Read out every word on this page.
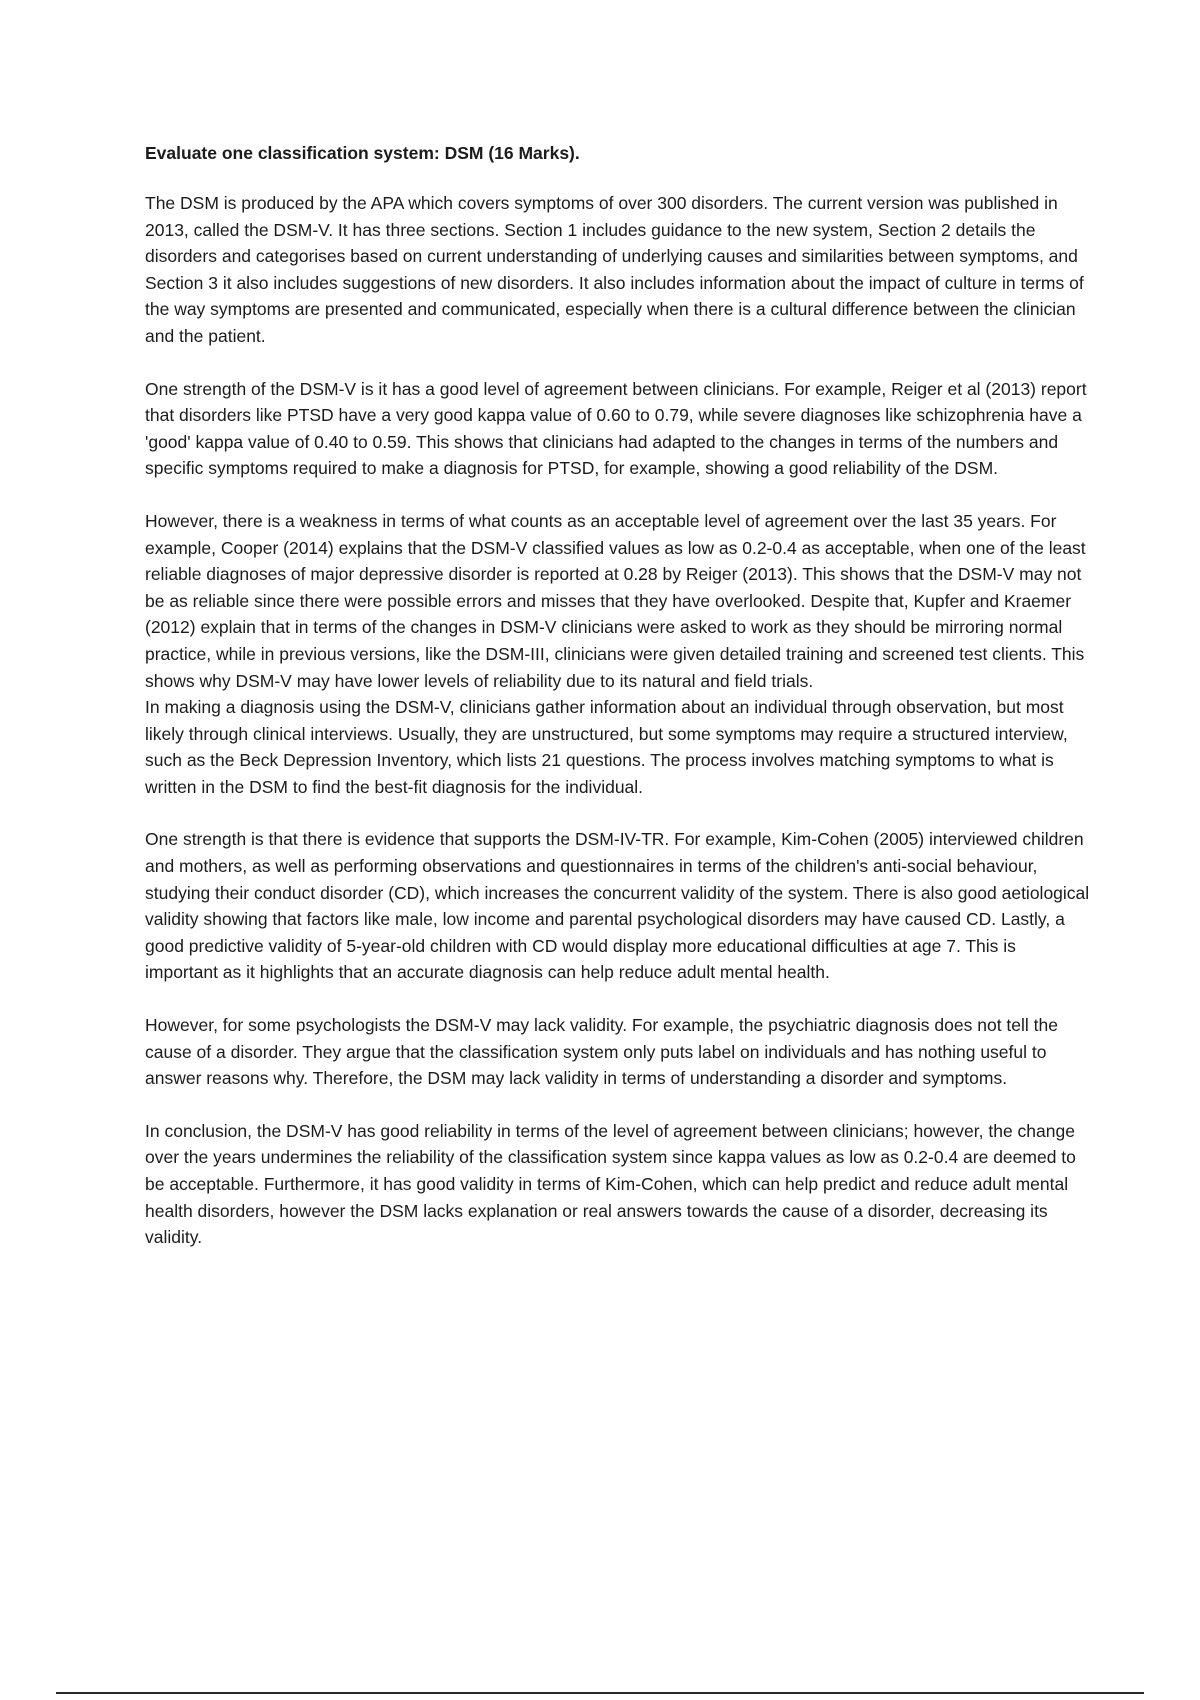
Evaluate one classification system: DSM (16 Marks).

The DSM is produced by the APA which covers symptoms of over 300 disorders. The current version was published in 2013, called the DSM-V. It has three sections. Section 1 includes guidance to the new system, Section 2 details the disorders and categorises based on current understanding of underlying causes and similarities between symptoms, and Section 3 it also includes suggestions of new disorders. It also includes information about the impact of culture in terms of the way symptoms are presented and communicated, especially when there is a cultural difference between the clinician and the patient.

One strength of the DSM-V is it has a good level of agreement between clinicians. For example, Reiger et al (2013) report that disorders like PTSD have a very good kappa value of 0.60 to 0.79, while severe diagnoses like schizophrenia have a 'good' kappa value of 0.40 to 0.59. This shows that clinicians had adapted to the changes in terms of the numbers and specific symptoms required to make a diagnosis for PTSD, for example, showing a good reliability of the DSM.

However, there is a weakness in terms of what counts as an acceptable level of agreement over the last 35 years. For example, Cooper (2014) explains that the DSM-V classified values as low as 0.2-0.4 as acceptable, when one of the least reliable diagnoses of major depressive disorder is reported at 0.28 by Reiger (2013). This shows that the DSM-V may not be as reliable since there were possible errors and misses that they have overlooked. Despite that, Kupfer and Kraemer (2012) explain that in terms of the changes in DSM-V clinicians were asked to work as they should be mirroring normal practice, while in previous versions, like the DSM-III, clinicians were given detailed training and screened test clients. This shows why DSM-V may have lower levels of reliability due to its natural and field trials.

In making a diagnosis using the DSM-V, clinicians gather information about an individual through observation, but most likely through clinical interviews. Usually, they are unstructured, but some symptoms may require a structured interview, such as the Beck Depression Inventory, which lists 21 questions. The process involves matching symptoms to what is written in the DSM to find the best-fit diagnosis for the individual.

One strength is that there is evidence that supports the DSM-IV-TR. For example, Kim-Cohen (2005) interviewed children and mothers, as well as performing observations and questionnaires in terms of the children's anti-social behaviour, studying their conduct disorder (CD), which increases the concurrent validity of the system. There is also good aetiological validity showing that factors like male, low income and parental psychological disorders may have caused CD. Lastly, a good predictive validity of 5-year-old children with CD would display more educational difficulties at age 7. This is important as it highlights that an accurate diagnosis can help reduce adult mental health.

However, for some psychologists the DSM-V may lack validity. For example, the psychiatric diagnosis does not tell the cause of a disorder. They argue that the classification system only puts label on individuals and has nothing useful to answer reasons why. Therefore, the DSM may lack validity in terms of understanding a disorder and symptoms.

In conclusion, the DSM-V has good reliability in terms of the level of agreement between clinicians; however, the change over the years undermines the reliability of the classification system since kappa values as low as 0.2-0.4 are deemed to be acceptable. Furthermore, it has good validity in terms of Kim-Cohen, which can help predict and reduce adult mental health disorders, however the DSM lacks explanation or real answers towards the cause of a disorder, decreasing its validity.
